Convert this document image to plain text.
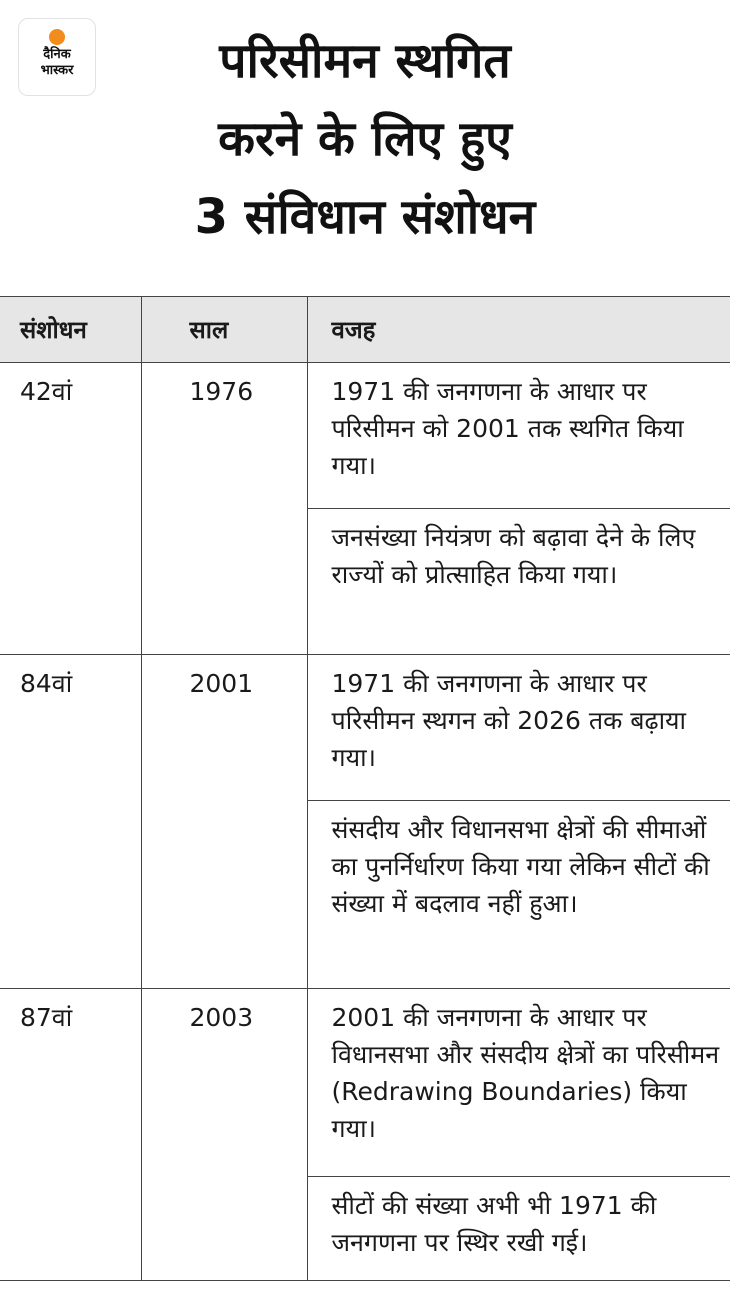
दैनिक
भास्कर	परिसीमन स्थगित
करने के लिए हुए
3 संविधान संशोधन
संशोधन	साल	वजह
42वां	1976	1971 की जनगणना के आधार पर परिसीमन को 2001 तक स्थगित किया गया।
		जनसंख्या नियंत्रण को बढ़ावा देने के लिए राज्यों को प्रोत्साहित किया गया।
84वां	2001	1971 की जनगणना के आधार पर परिसीमन स्थगन को 2026 तक बढ़ाया गया।
		संसदीय और विधानसभा क्षेत्रों की सीमाओं का पुनर्निर्धारण किया गया लेकिन सीटों की संख्या में बदलाव नहीं हुआ।
87वां	2003	2001 की जनगणना के आधार पर विधानसभा और संसदीय क्षेत्रों का परिसीमन (Redrawing Boundaries) किया गया।
		सीटों की संख्या अभी भी 1971 की जनगणना पर स्थिर रखी गई।
